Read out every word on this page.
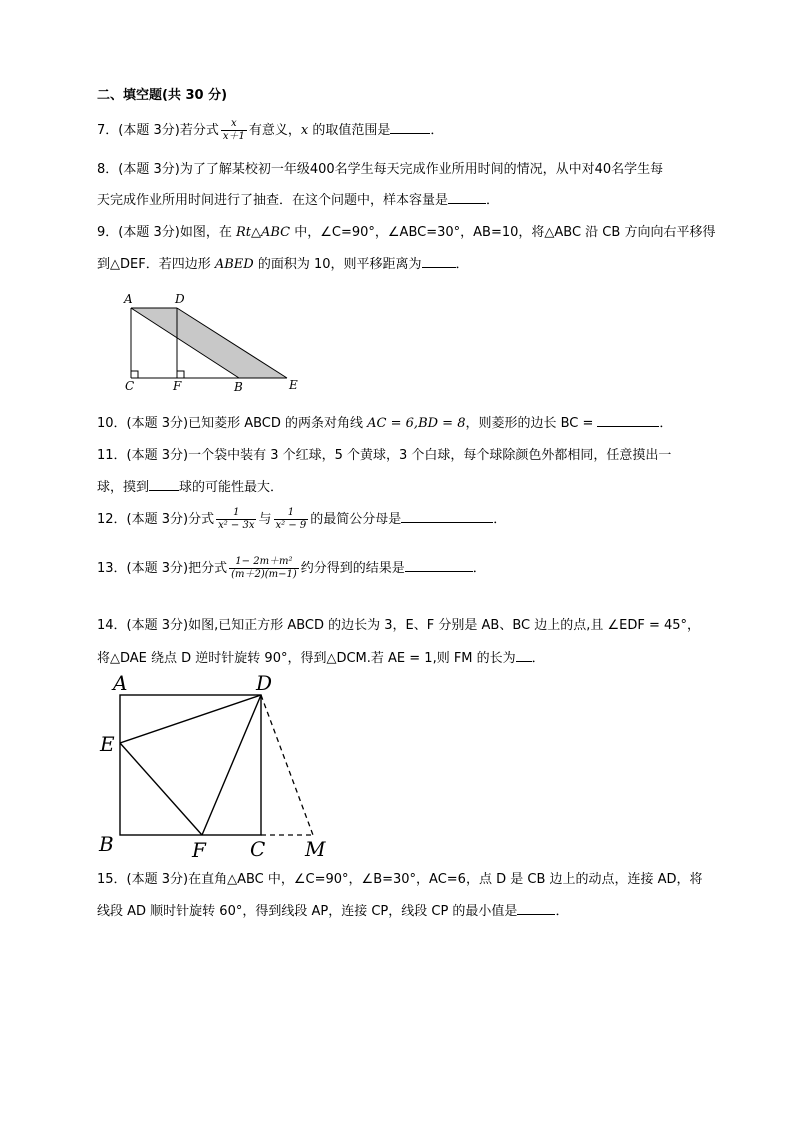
二、填空题(共 30 分)
7．(本题 3分)若分式 $\frac{x}{x+1}$ 有意义，x 的取值范围是	．
8．(本题 3分)为了了解某校初一年级400名学生每天完成作业所用时间的情况，从中对40名学生每
天完成作业所用时间进行了抽查．在这个问题中，样本容量是	．
9．(本题 3分)如图，在 Rt△ABC 中，∠C=90°，∠ABC=30°，AB=10，将△ABC 沿 CB 方向向右平移得
到△DEF．若四边形 ABED 的面积为 10，则平移距离为	．
A	D
C	F	B	E
10．(本题 3分)已知菱形 ABCD 的两条对角线 AC = 6,BD = 8，则菱形的边长 BC =	．
11．(本题 3分)一个袋中装有 3 个红球，5 个黄球，3 个白球，每个球除颜色外都相同，任意摸出一
球，摸到 球的可能性最大．
12．(本题 3分)分式 $\frac{1}{\text{x² − 3x}}$ 与 $\frac{1}{\text{x² − 9}}$ 的最简公分母是	．
13．(本题 3分)把分式 $\frac{\text{1− 2m＋m²}}{(m+2)(m-1)}$ 约分得到的结果是	．
14．(本题 3分)如图,已知正方形 ABCD 的边长为 3，E、F 分别是 AB、BC 边上的点,且 ∠EDF = 45°，
将△DAE 绕点 D 逆时针旋转 90°，得到△DCM.若 AE = 1,则 FM 的长为 ．
A	D
E
B	F C M
15．(本题 3分)在直角△ABC 中，∠C=90°，∠B=30°，AC=6，点 D 是 CB 边上的动点，连接 AD，将
线段 AD 顺时针旋转 60°，得到线段 AP，连接 CP，线段 CP 的最小值是	．
